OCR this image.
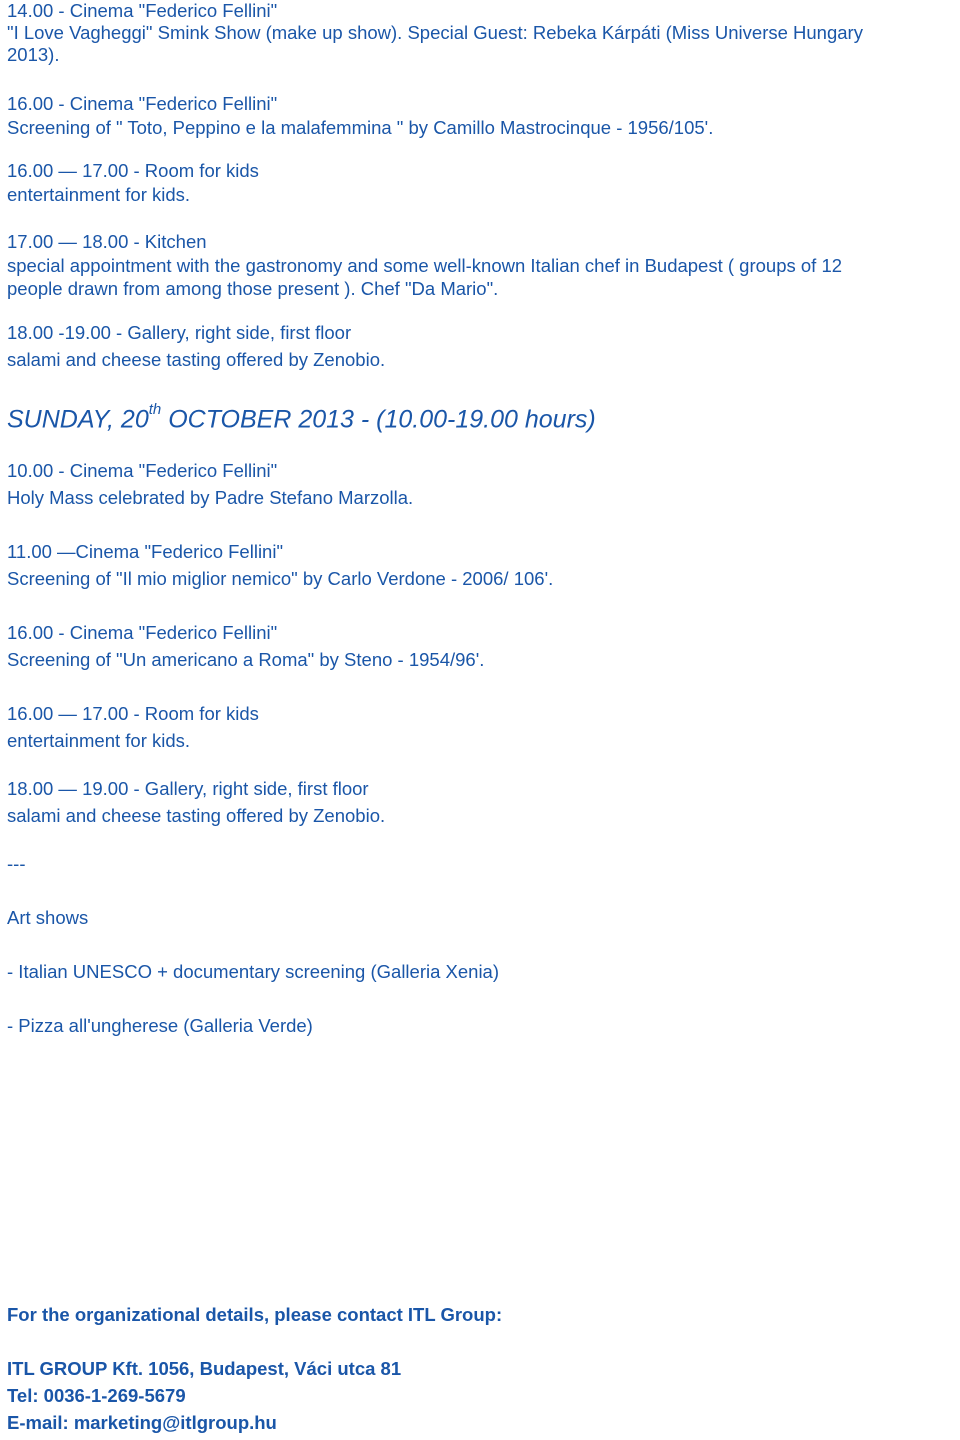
14.00 - Cinema "Federico Fellini"
"I Love Vagheggi" Smink Show (make up show). Special Guest: Rebeka Kárpáti (Miss Universe Hungary
2013).
16.00 - Cinema "Federico Fellini"
Screening of " Toto, Peppino e la malafemmina " by Camillo Mastrocinque - 1956/105'.
16.00 — 17.00 - Room for kids
entertainment for kids.
17.00 — 18.00 - Kitchen
special appointment with the gastronomy and some well-known Italian chef in Budapest ( groups of 12
people drawn from among those present ). Chef "Da Mario".
18.00 -19.00 - Gallery, right side, first floor
salami and cheese tasting offered by Zenobio.
SUNDAY, 20th OCTOBER 2013 - (10.00-19.00 hours)
10.00 - Cinema "Federico Fellini"
Holy Mass celebrated by Padre Stefano Marzolla.
11.00 —Cinema "Federico Fellini"
Screening of "Il mio miglior nemico" by Carlo Verdone - 2006/ 106'.
16.00 - Cinema "Federico Fellini"
Screening of "Un americano a Roma" by Steno - 1954/96'.
16.00 — 17.00 - Room for kids
entertainment for kids.
18.00 — 19.00 - Gallery, right side, first floor
salami and cheese tasting offered by Zenobio.
---
Art shows
- Italian UNESCO + documentary screening (Galleria Xenia)
- Pizza all'ungherese (Galleria Verde)
For the organizational details, please contact ITL Group:
ITL GROUP Kft. 1056, Budapest, Váci utca 81
Tel: 0036-1-269-5679
E-mail: marketing@itlgroup.hu
